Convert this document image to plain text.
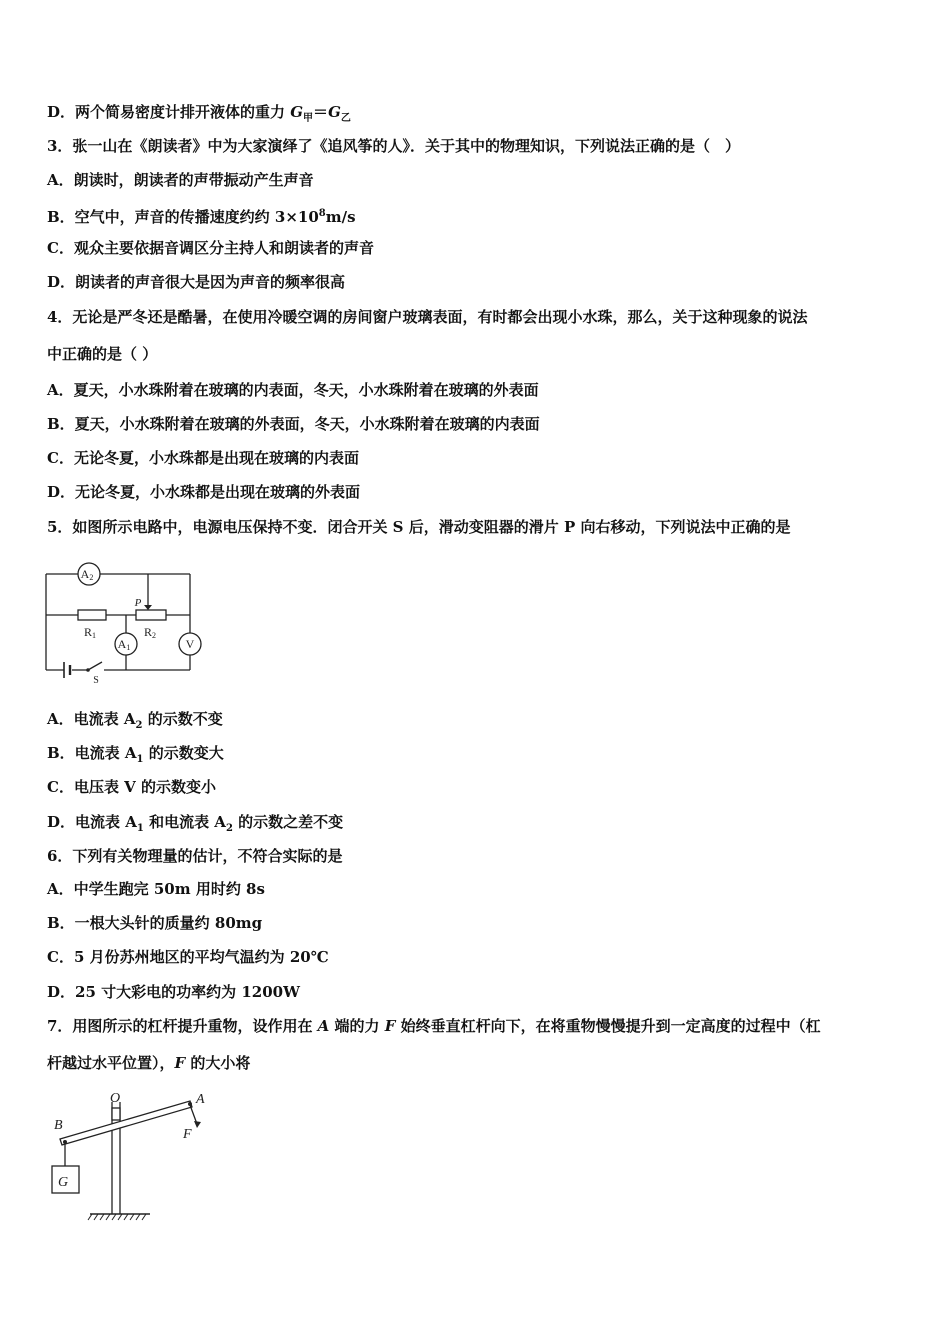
D．两个简易密度计排开液体的重力 $G_甲=G_乙$
3．张一山在《朗读者》中为大家演绎了《追风筝的人》．关于其中的物理知识，下列说法正确的是（　）
A．朗读时，朗读者的声带振动产生声音
B．空气中，声音的传播速度约约 $3\times 10^8m/s$
C．观众主要依据音调区分主持人和朗读者的声音
D．朗读者的声音很大是因为声音的频率很高
4．无论是严冬还是酷暑，在使用冷暖空调的房间窗户玻璃表面，有时都会出现小水珠，那么，关于这种现象的说法
中正确的是（ ）
A．夏天，小水珠附着在玻璃的内表面，冬天，小水珠附着在玻璃的外表面
B．夏天，小水珠附着在玻璃的外表面，冬天，小水珠附着在玻璃的内表面
C．无论冬夏，小水珠都是出现在玻璃的内表面
D．无论冬夏，小水珠都是出现在玻璃的外表面
5．如图所示电路中，电源电压保持不变．闭合开关 S 后，滑动变阻器的滑片 P 向右移动，下列说法中正确的是
A2
A1	V
R1	R2
P
S
A．电流表 $A_2$ 的示数不变
B．电流表 $A_1$ 的示数变大
C．电压表 V 的示数变小
D．电流表 $A_1$ 和电流表 $A_2$ 的示数之差不变
6．下列有关物理量的估计，不符合实际的是
A．中学生跑完 50m 用时约 8s
B．一根大头针的质量约 80mg
C．5 月份苏州地区的平均气温约为 20℃
D．25 寸大彩电的功率约为 1200W
7．用图所示的杠杆提升重物，设作用在 A 端的力 F 始终垂直杠杆向下，在将重物慢慢提升到一定高度的过程中（杠
杆越过水平位置），F 的大小将
O	A
B
F
G
